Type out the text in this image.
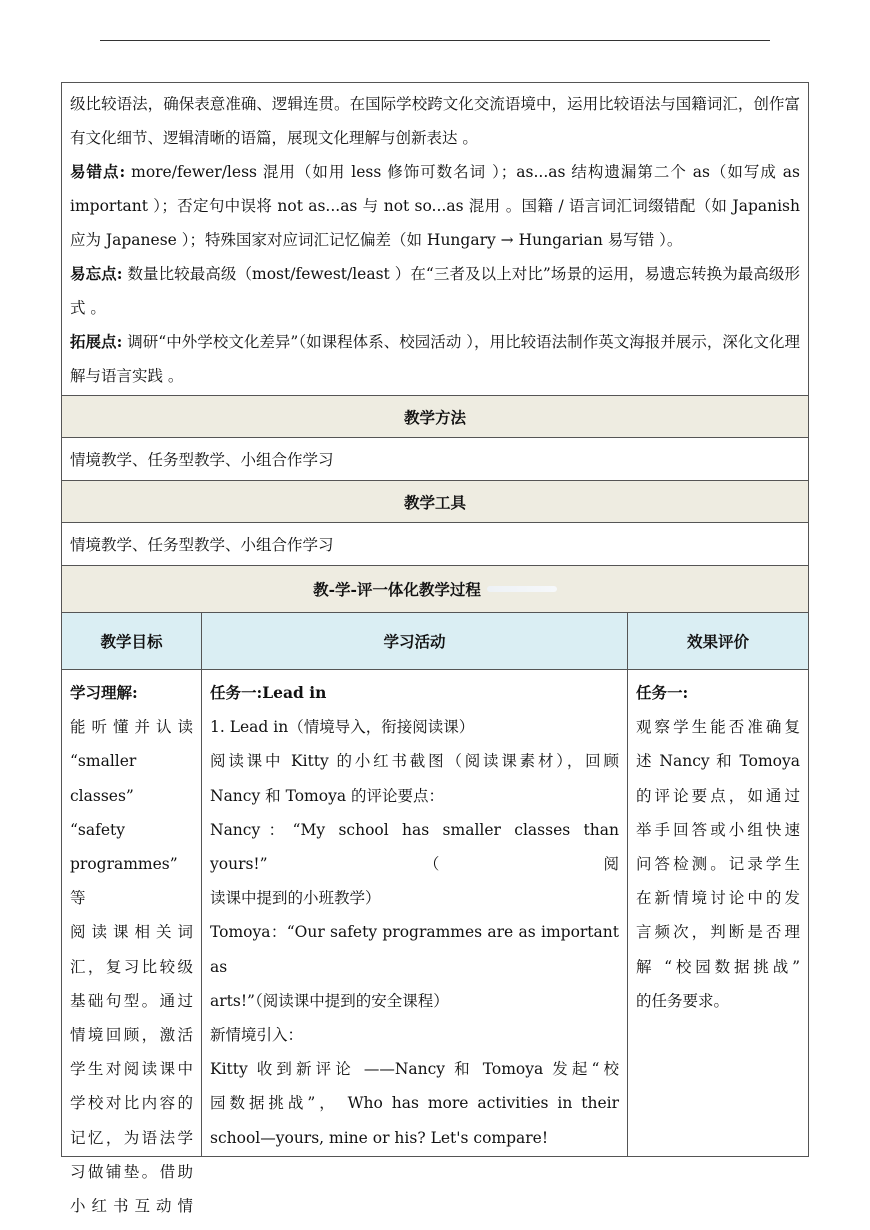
级比较语法，确保表意准确、逻辑连贯。在国际学校跨文化交流语境中，运用比较语法与国籍词汇，创作富有文化细节、逻辑清晰的语篇，展现文化理解与创新表达 。

易错点: more/fewer/less 混用（如用 less 修饰可数名词 ）；as...as 结构遗漏第二个 as（如写成 as important ）；否定句中误将 not as...as 与 not so...as 混用 。国籍 / 语言词汇词缀错配（如 Japanish 应为 Japanese ）；特殊国家对应词汇记忆偏差（如 Hungary → Hungarian 易写错 ）。

易忘点: 数量比较最高级（most/fewest/least ）在“三者及以上对比”场景的运用，易遗忘转换为最高级形式 。

拓展点: 调研“中外学校文化差异”（如课程体系、校园活动 ），用比较语法制作英文海报并展示，深化文化理解与语言实践 。

教学方法
情境教学、任务型教学、小组合作学习
教学工具
情境教学、任务型教学、小组合作学习
教-学-评一体化教学过程
教学目标	学习活动	效果评价

学习理解:

能听懂并认读

“smaller classes”

“safety

programmes” 等

阅读课相关词

汇，复习比较级

基础句型。通过

情境回顾，激活

学生对阅读课中

学校对比内容的

记忆，为语法学

习做铺垫。借助

小红书互动情

任务一:Lead in

1. Lead in（情境导入，衔接阅读课）

阅读课中 Kitty 的小红书截图（阅读课素材），回顾

Nancy 和 Tomoya 的评论要点：

Nancy：“My school has smaller classes than yours!”（阅

读课中提到的小班教学）

Tomoya：“Our safety programmes are as important as

arts!”（阅读课中提到的安全课程）

新情境引入：

Kitty 收到新评论 ——Nancy 和 Tomoya 发起“校

园数据挑战”， Who has more activities in their

school—yours, mine or his? Let's compare!

任务一:

观察学生能否准确复

述 Nancy 和 Tomoya

的评论要点，如通过

举手回答或小组快速

问答检测。记录学生

在新情境讨论中的发

言频次，判断是否理

解 “校园数据挑战”

的任务要求。
